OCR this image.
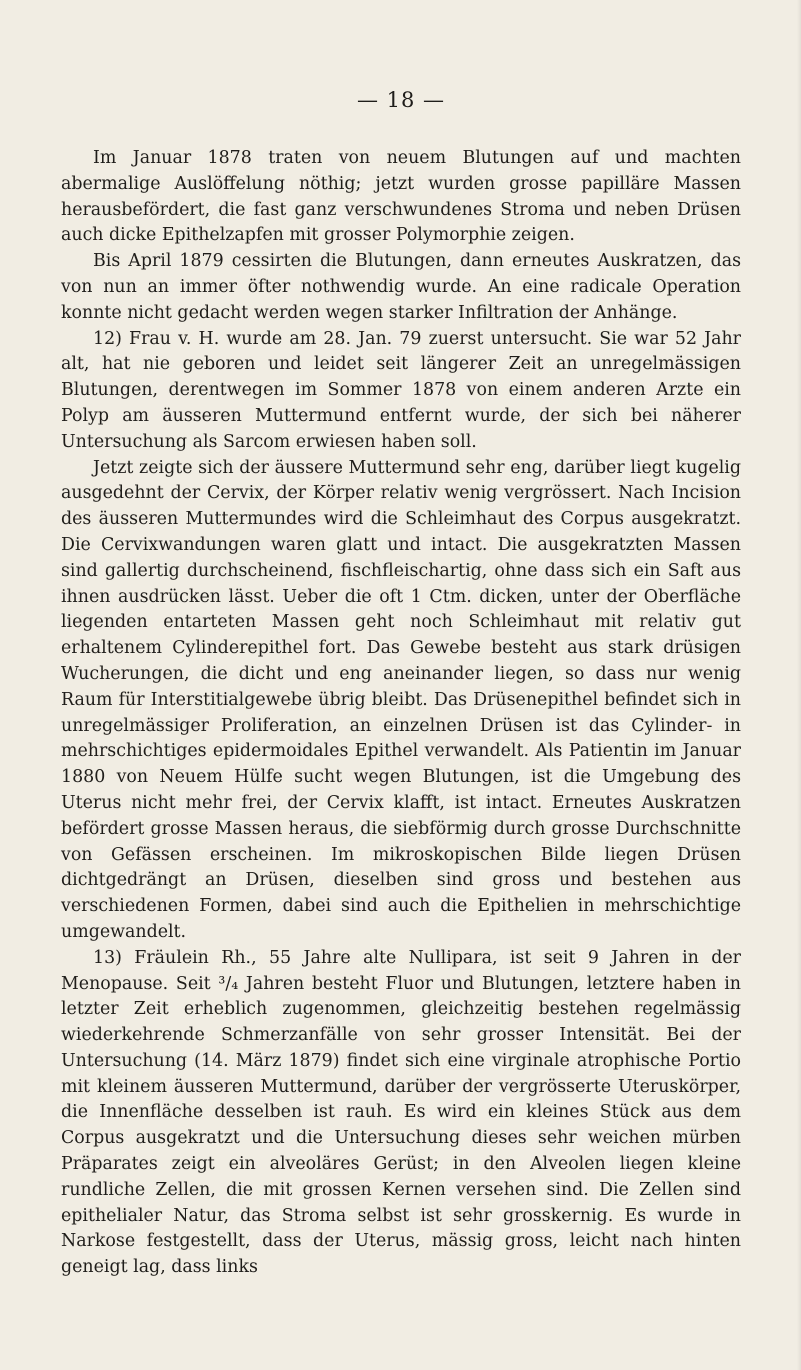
— 18 —

Im Januar 1878 traten von neuem Blutungen auf und machten abermalige Auslöffelung nöthig; jetzt wurden grosse papilläre Massen herausbefördert, die fast ganz verschwundenes Stroma und neben Drüsen auch dicke Epithelzapfen mit grosser Polymorphie zeigen.

Bis April 1879 cessirten die Blutungen, dann erneutes Auskratzen, das von nun an immer öfter nothwendig wurde. An eine radicale Operation konnte nicht gedacht werden wegen starker Infiltration der Anhänge.

12) Frau v. H. wurde am 28. Jan. 79 zuerst untersucht. Sie war 52 Jahr alt, hat nie geboren und leidet seit längerer Zeit an unregelmässigen Blutungen, derentwegen im Sommer 1878 von einem anderen Arzte ein Polyp am äusseren Muttermund entfernt wurde, der sich bei näherer Untersuchung als Sarcom erwiesen haben soll.

Jetzt zeigte sich der äussere Muttermund sehr eng, darüber liegt kugelig ausgedehnt der Cervix, der Körper relativ wenig vergrössert. Nach Incision des äusseren Muttermundes wird die Schleimhaut des Corpus ausgekratzt. Die Cervixwandungen waren glatt und intact. Die ausgekratzten Massen sind gallertig durchscheinend, fischfleischartig, ohne dass sich ein Saft aus ihnen ausdrücken lässt. Ueber die oft 1 Ctm. dicken, unter der Oberfläche liegenden entarteten Massen geht noch Schleimhaut mit relativ gut erhaltenem Cylinderepithel fort. Das Gewebe besteht aus stark drüsigen Wucherungen, die dicht und eng aneinander liegen, so dass nur wenig Raum für Interstitialgewebe übrig bleibt. Das Drüsenepithel befindet sich in unregelmässiger Proliferation, an einzelnen Drüsen ist das Cylinder- in mehrschichtiges epidermoidales Epithel verwandelt. Als Patientin im Januar 1880 von Neuem Hülfe sucht wegen Blutungen, ist die Umgebung des Uterus nicht mehr frei, der Cervix klafft, ist intact. Erneutes Auskratzen befördert grosse Massen heraus, die siebförmig durch grosse Durchschnitte von Gefässen erscheinen. Im mikroskopischen Bilde liegen Drüsen dichtgedrängt an Drüsen, dieselben sind gross und bestehen aus verschiedenen Formen, dabei sind auch die Epithelien in mehrschichtige umgewandelt.

13) Fräulein Rh., 55 Jahre alte Nullipara, ist seit 9 Jahren in der Menopause. Seit ³/₄ Jahren besteht Fluor und Blutungen, letztere haben in letzter Zeit erheblich zugenommen, gleichzeitig bestehen regelmässig wiederkehrende Schmerzanfälle von sehr grosser Intensität. Bei der Untersuchung (14. März 1879) findet sich eine virginale atrophische Portio mit kleinem äusseren Muttermund, darüber der vergrösserte Uteruskörper, die Innenfläche desselben ist rauh. Es wird ein kleines Stück aus dem Corpus ausgekratzt und die Untersuchung dieses sehr weichen mürben Präparates zeigt ein alveoläres Gerüst; in den Alveolen liegen kleine rundliche Zellen, die mit grossen Kernen versehen sind. Die Zellen sind epithelialer Natur, das Stroma selbst ist sehr grosskernig. Es wurde in Narkose festgestellt, dass der Uterus, mässig gross, leicht nach hinten geneigt lag, dass links
